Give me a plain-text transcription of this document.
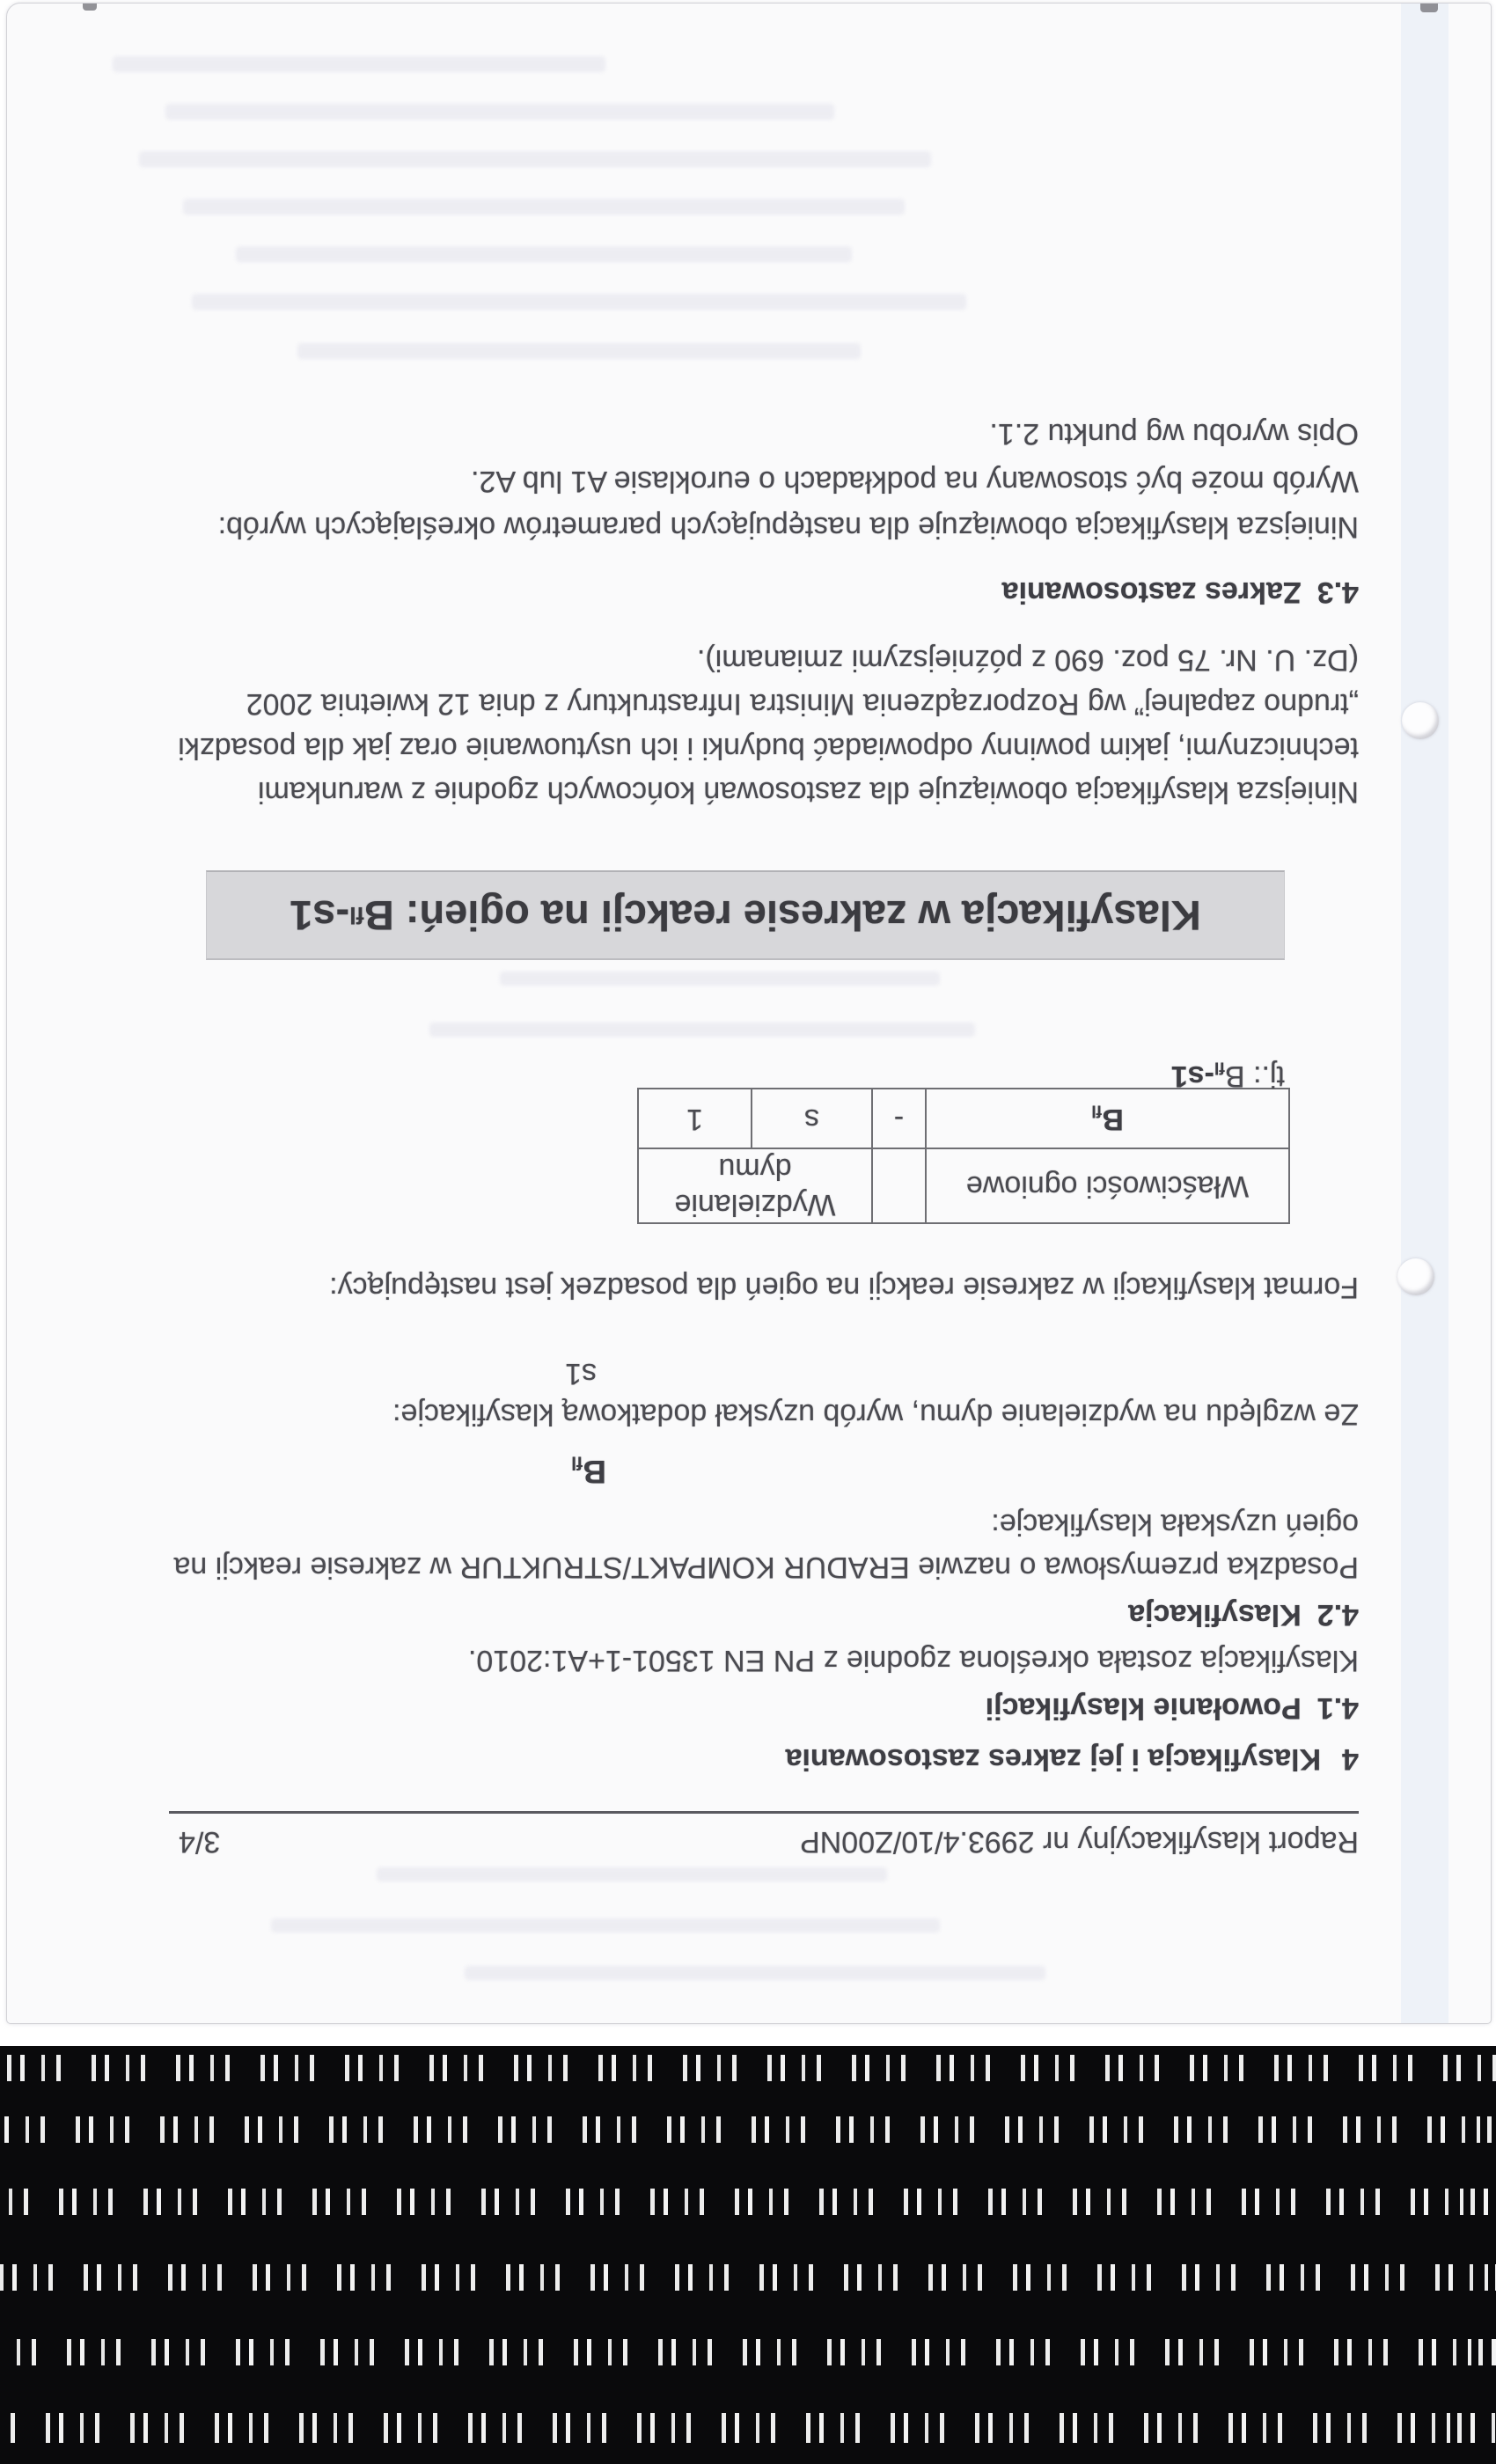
Raport klasyfikacyjny nr 2993.4/10/Z00NP
3/4
4Klasyfikacja i jej zakres zastosowania
4.1Powołanie klasyfikacji
Klasyfikacja została określona zgodnie z PN EN 13501-1+A1:2010.
4.2Klasyfikacja
Posadzka przemysłowa o nazwie ERADUR KOMPAKT/STRUKTUR w zakresie reakcji na
ogień uzyskała klasyfikacje:
$B_{fl}$
Ze względu na wydzielanie dymu, wyrób uzyskał dodatkową klasyfikacje:
s1
Format klasyfikacji w zakresie reakcji na ogień dla posadzek jest następujący:
Właściwości ogniowe		Wydzielanie dymu	
$B_{fl}$	-	s	1
tj.: $B_{fl}-s1$
Klasyfikacja w zakresie reakcji na ogień: B
fl
-s1
Niniejsza klasyfikacja obowiązuje dla zastosowań końcowych zgodnie z warunkami
technicznymi, jakim powinny odpowiadać budynki i ich usytuowanie oraz jak dla posadzki
„trudno zapalnej” wg Rozporządzenia Ministra Infrastruktury z dnia 12 kwietnia 2002
(Dz. U. Nr. 75 poz. 690 z późniejszymi zmianami).
4.3Zakres zastosowania
Niniejsza klasyfikacja obowiązuje dla następujących parametrów określających wyrób:
Wyrób może być stosowany na podkładach o euroklasie A1 lub A2.
Opis wyrobu wg punktu 2.1.
